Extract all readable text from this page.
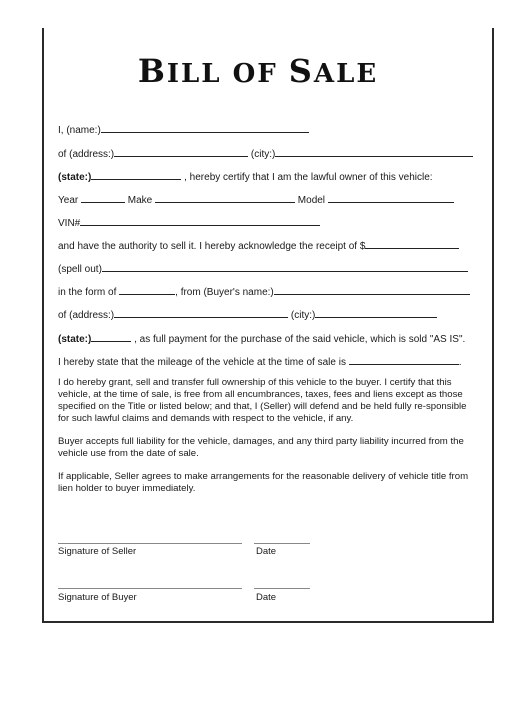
BILL OF SALE
I, (name:)
of (address:)	(city:)
(state:)	, hereby certify that I am the lawful owner of this vehicle:
Year	Make	Model
VIN#
and have the authority to sell it. I hereby acknowledge the receipt of $
(spell out)
in the form of	, from (Buyer's name:)
of (address:)	(city:)
(state:)	, as full payment for the purchase of the said vehicle, which is sold "AS IS".
I hereby state that the mileage of the vehicle at the time of sale is	.
I do hereby grant, sell and transfer full ownership of this vehicle to the buyer. I certify that this vehicle, at the time of sale, is free from all encumbrances, taxes, fees and liens except as those specified on the Title or listed below; and that, I (Seller) will defend and be held fully re-sponsible for such lawful claims and demands with respect to the vehicle, if any.
Buyer accepts full liability for the vehicle, damages, and any third party liability incurred from the vehicle use from the date of sale.
If applicable, Seller agrees to make arrangements for the reasonable delivery of vehicle title from lien holder to buyer immediately.
Signature of Seller	Date
Signature of Buyer	Date
